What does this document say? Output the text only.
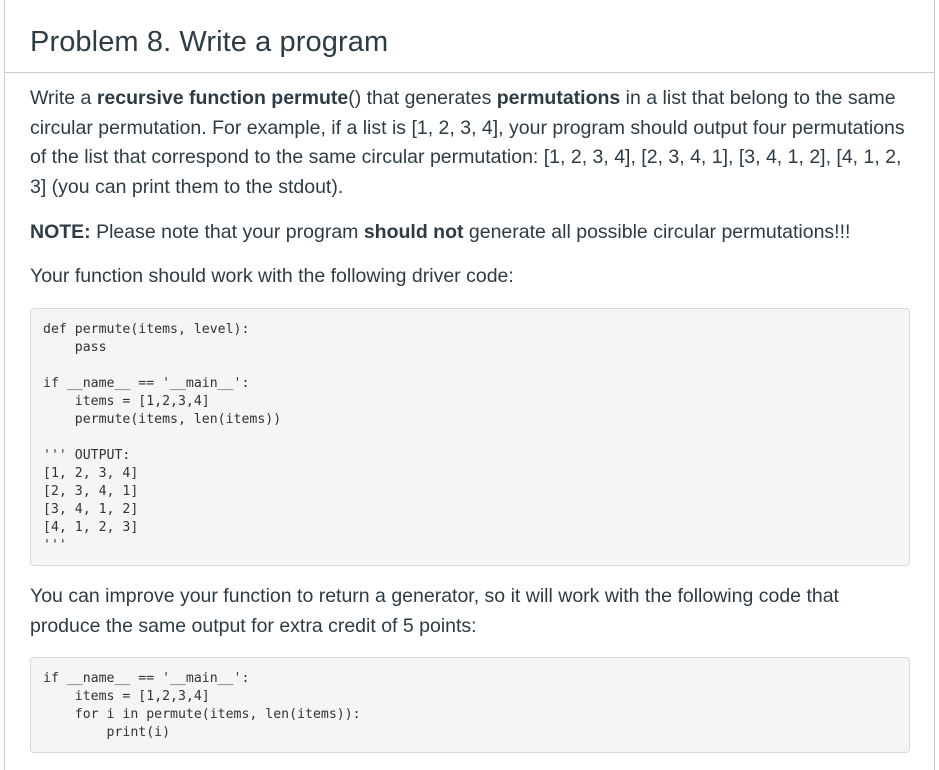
Problem 8. Write a program

Write a recursive function permute() that generates permutations in a list that belong to the same circular permutation. For example, if a list is [1, 2, 3, 4], your program should output four permutations of the list that correspond to the same circular permutation: [1, 2, 3, 4], [2, 3, 4, 1], [3, 4, 1, 2], [4, 1, 2, 3] (you can print them to the stdout).

NOTE: Please note that your program should not generate all possible circular permutations!!!

Your function should work with the following driver code:

def permute(items, level):
pass
if __name__ == '__main__':
items = [1,2,3,4]
permute(items, len(items))
''' OUTPUT:
[1, 2, 3, 4]
[2, 3, 4, 1]
[3, 4, 1, 2]
[4, 1, 2, 3]
'''

You can improve your function to return a generator, so it will work with the following code that produce the same output for extra credit of 5 points:

if __name__ == '__main__':
items = [1,2,3,4]
for i in permute(items, len(items)):
print(i)
